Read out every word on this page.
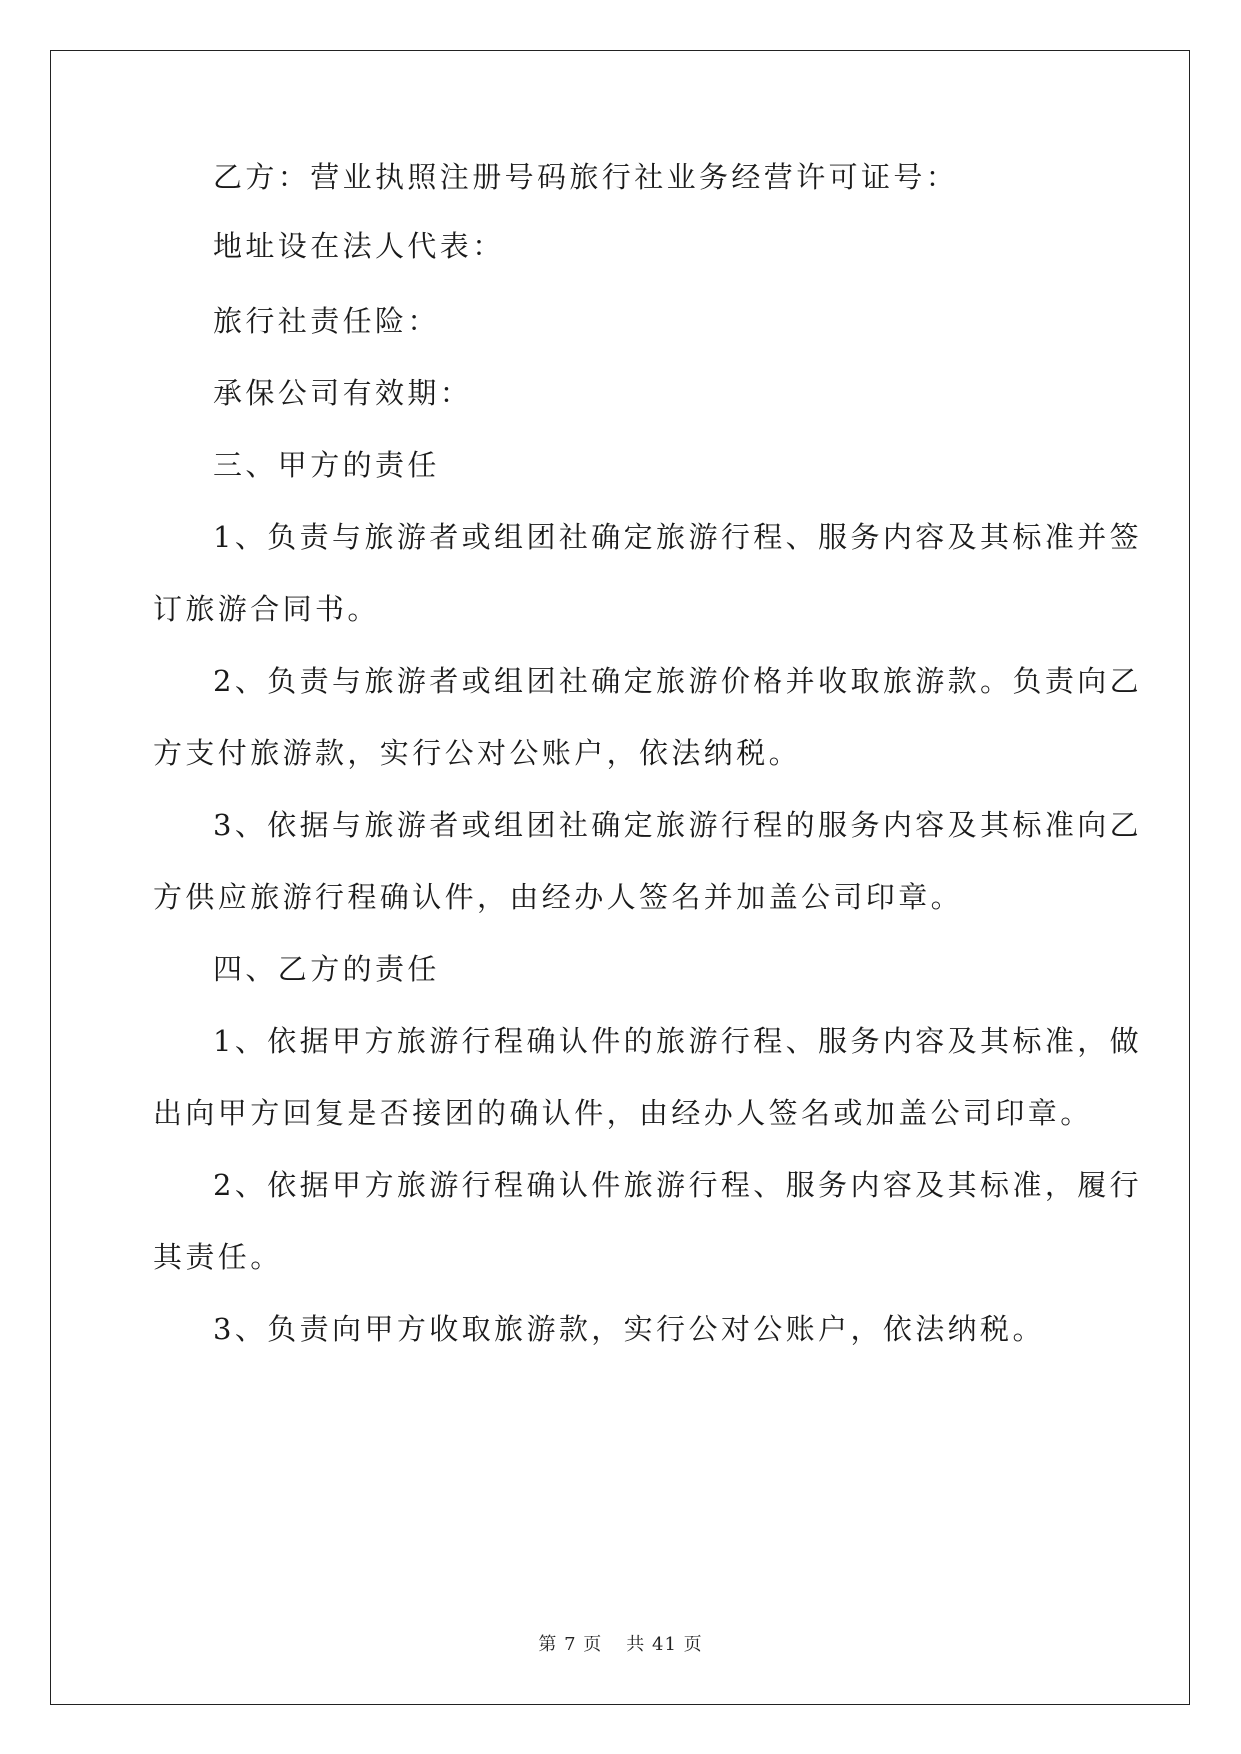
乙方：营业执照注册号码旅行社业务经营许可证号：
地址设在法人代表：
旅行社责任险：
承保公司有效期：
三、甲方的责任
1、负责与旅游者或组团社确定旅游行程、服务内容及其标准并签
订旅游合同书。
2、负责与旅游者或组团社确定旅游价格并收取旅游款。负责向乙
方支付旅游款，实行公对公账户，依法纳税。
3、依据与旅游者或组团社确定旅游行程的服务内容及其标准向乙
方供应旅游行程确认件，由经办人签名并加盖公司印章。
四、乙方的责任
1、依据甲方旅游行程确认件的旅游行程、服务内容及其标准，做
出向甲方回复是否接团的确认件，由经办人签名或加盖公司印章。
2、依据甲方旅游行程确认件旅游行程、服务内容及其标准，履行
其责任。
3、负责向甲方收取旅游款，实行公对公账户，依法纳税。
第 7 页 共 41 页
